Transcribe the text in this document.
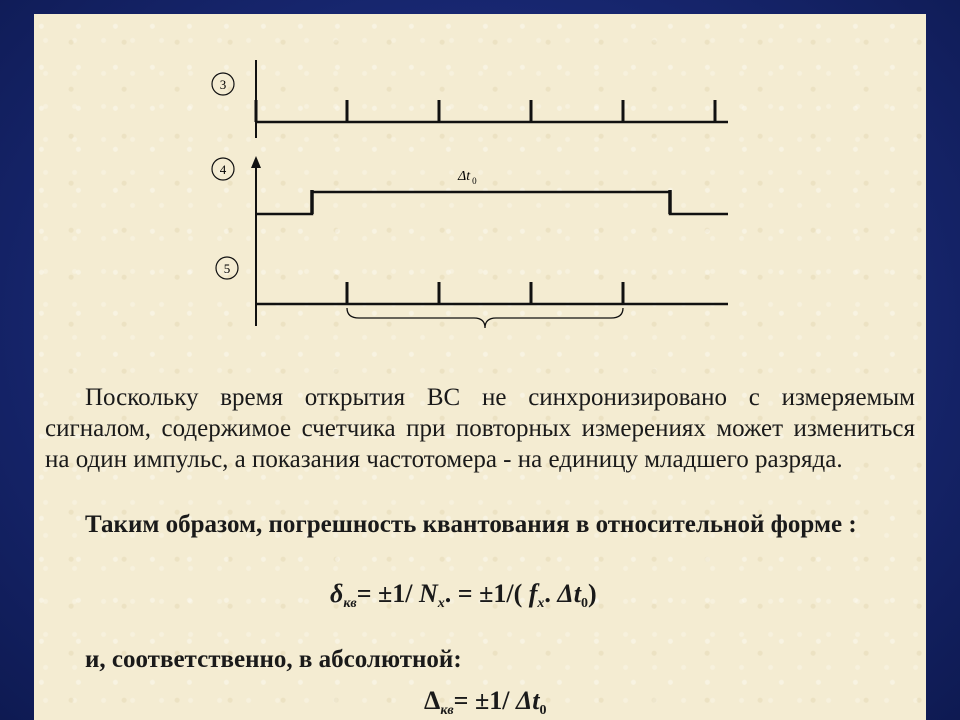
3
4	Δt $_0$
5

Поскольку время открытия ВС не синхронизировано с измеряемым сигналом, содержимое счетчика при повторных измерениях может измениться на один импульс, а показания частотомера - на единицу младшего разряда.

Таким образом, погрешность квантования в относительной форме :

$\delta_{кв}= \pm 1/$ $N_x$. = ±1/( $f_x$. $\Delta t_0$)
и, соответственно, в абсолютной:
$\Delta_{кв}= \pm 1/$ $\Delta t_0$
